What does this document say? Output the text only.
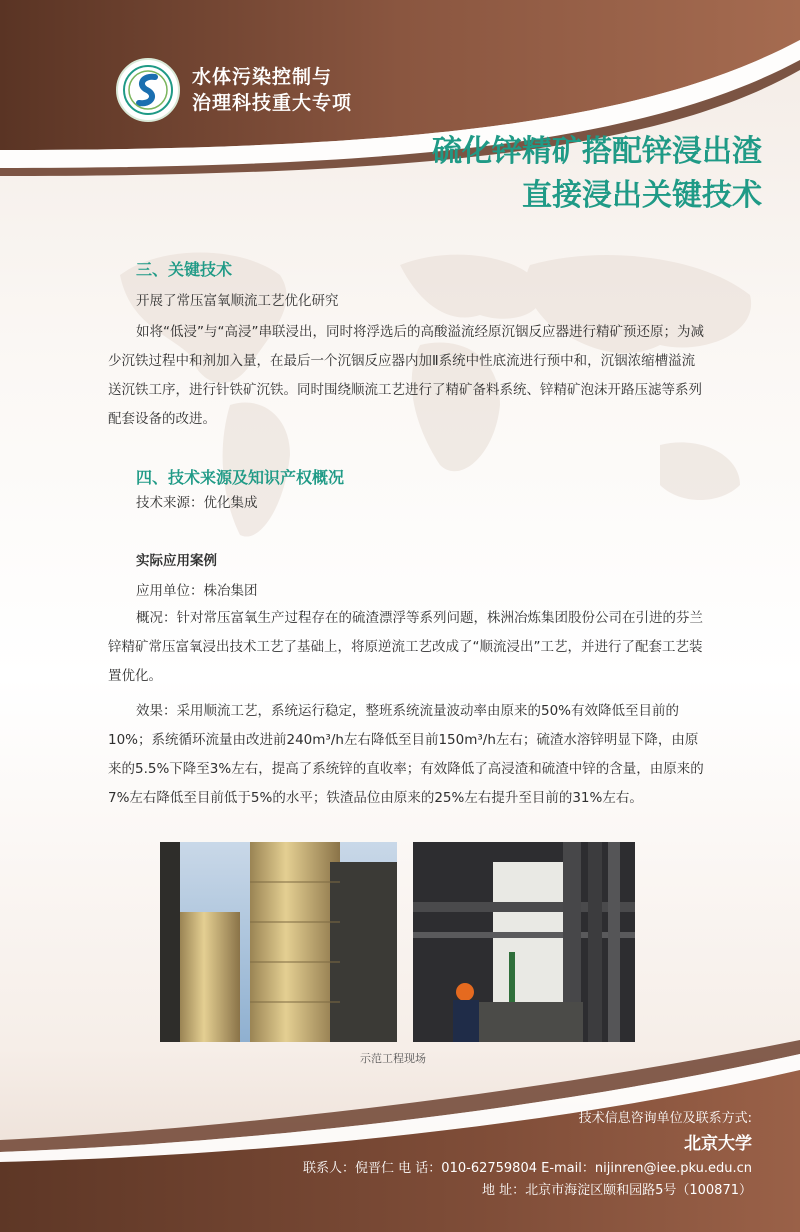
水体污染控制与
治理科技重大专项
硫化锌精矿搭配锌浸出渣
直接浸出关键技术
三、关键技术
开展了常压富氧顺流工艺优化研究
如将“低浸”与“高浸”串联浸出，同时将浮选后的高酸溢流经原沉铟反应器进行精矿预还原；为减少沉铁过程中和剂加入量，在最后一个沉铟反应器内加Ⅱ系统中性底流进行预中和，沉铟浓缩槽溢流送沉铁工序，进行针铁矿沉铁。同时围绕顺流工艺进行了精矿备料系统、锌精矿泡沫开路压滤等系列配套设备的改进。
四、技术来源及知识产权概况
技术来源：优化集成
实际应用案例
应用单位：株冶集团
概况：针对常压富氧生产过程存在的硫渣漂浮等系列问题，株洲冶炼集团股份公司在引进的芬兰锌精矿常压富氧浸出技术工艺了基础上，将原逆流工艺改成了“顺流浸出”工艺，并进行了配套工艺装置优化。
效果：采用顺流工艺，系统运行稳定，整班系统流量波动率由原来的50%有效降低至目前的10%；系统循环流量由改进前240m³/h左右降低至目前150m³/h左右；硫渣水溶锌明显下降，由原来的5.5%下降至3%左右，提高了系统锌的直收率；有效降低了高浸渣和硫渣中锌的含量，由原来的7%左右降低至目前低于5%的水平；铁渣品位由原来的25%左右提升至目前的31%左右。
示范工程现场
技术信息咨询单位及联系方式:
北京大学
联系人：倪晋仁 电 话：010-62759804 E-mail：nijinren@iee.pku.edu.cn
地 址：北京市海淀区颐和园路5号（100871）
